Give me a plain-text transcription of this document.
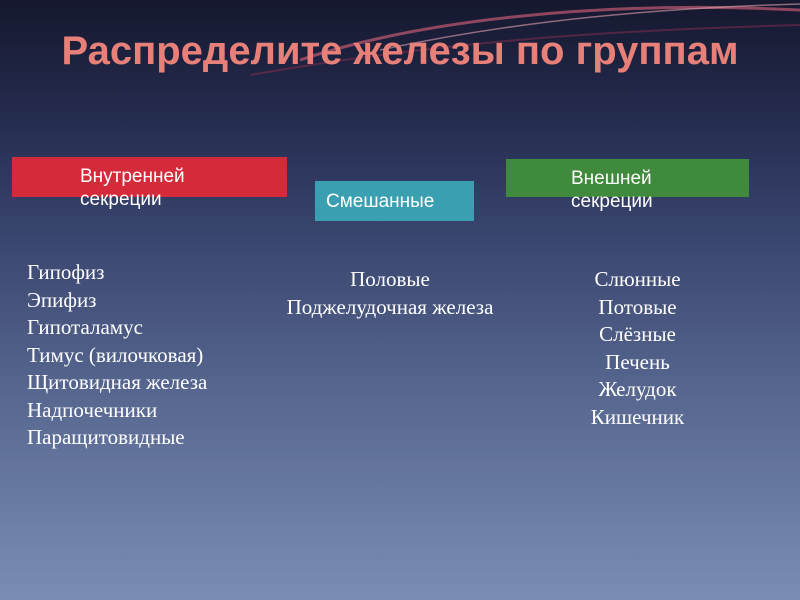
Распределите железы по группам
Внутренней секреции	Смешанные
Внешней секреции
Гипофиз
Эпифиз
Гипоталамус
Тимус (вилочковая)
Щитовидная железа
Надпочечники
Паращитовидные
Половые
Поджелудочная железа
Слюнные
Потовые
Слёзные
Печень
Желудок
Кишечник
